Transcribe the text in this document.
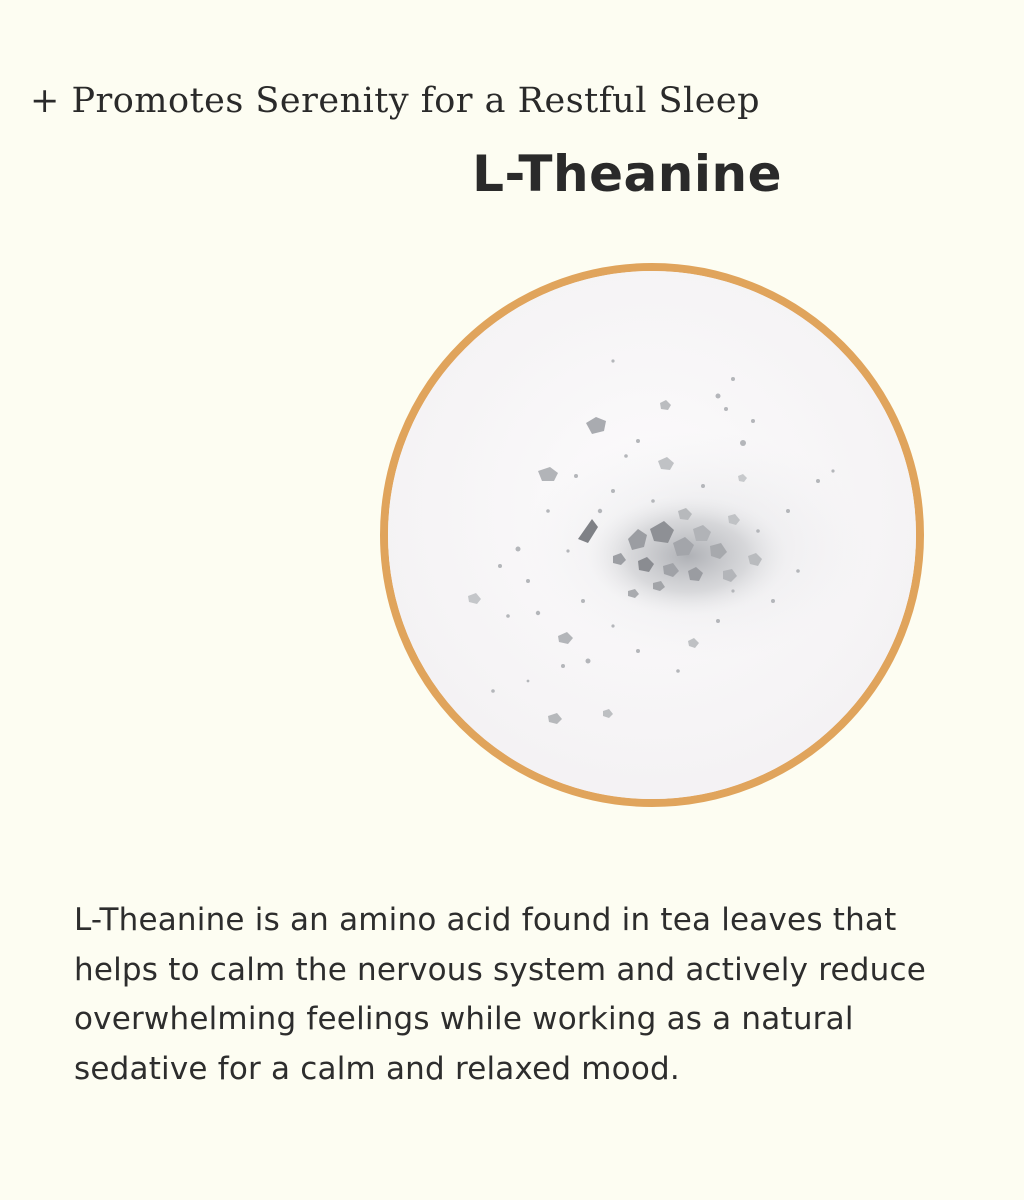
+ Promotes Serenity for a Restful Sleep
L-Theanine
L-Theanine is an amino acid found in tea leaves that helps to calm the nervous system and actively reduce overwhelming feelings while working as a natural sedative for a calm and relaxed mood.
